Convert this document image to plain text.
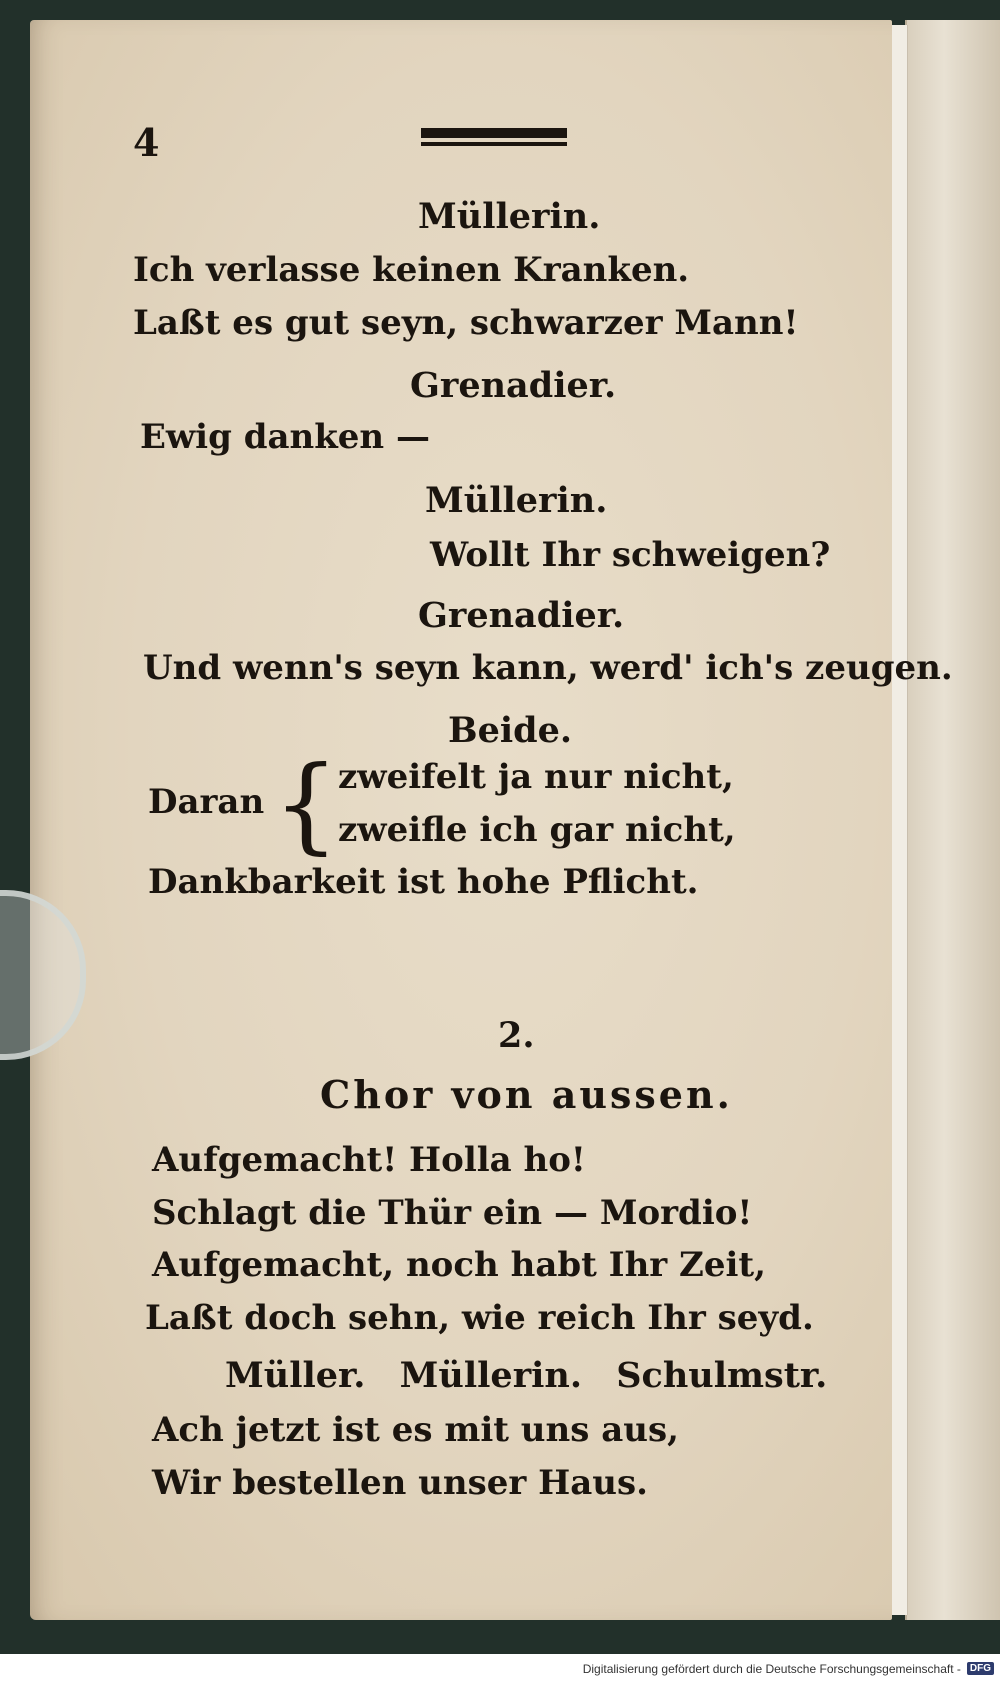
4
Müllerin.
Ich verlasse keinen Kranken.
Laßt es gut seyn, schwarzer Mann!
Grenadier.
Ewig danken —
Müllerin.
Wollt Ihr schweigen?
Grenadier.
Und wenn's seyn kann, werd' ich's zeugen.
Beide.
Daran {
zweifelt ja nur nicht,
zweifle ich gar nicht,
Dankbarkeit ist hohe Pflicht.
2.
Chor von aussen.
Aufgemacht! Holla ho!
Schlagt die Thür ein — Mordio!
Aufgemacht, noch habt Ihr Zeit,
Laßt doch sehn, wie reich Ihr seyd.
Müller. Müllerin. Schulmstr.
Ach jetzt ist es mit uns aus,
Wir bestellen unser Haus.
Digitalisierung gefördert durch die Deutsche Forschungsgemeinschaft - DFG
